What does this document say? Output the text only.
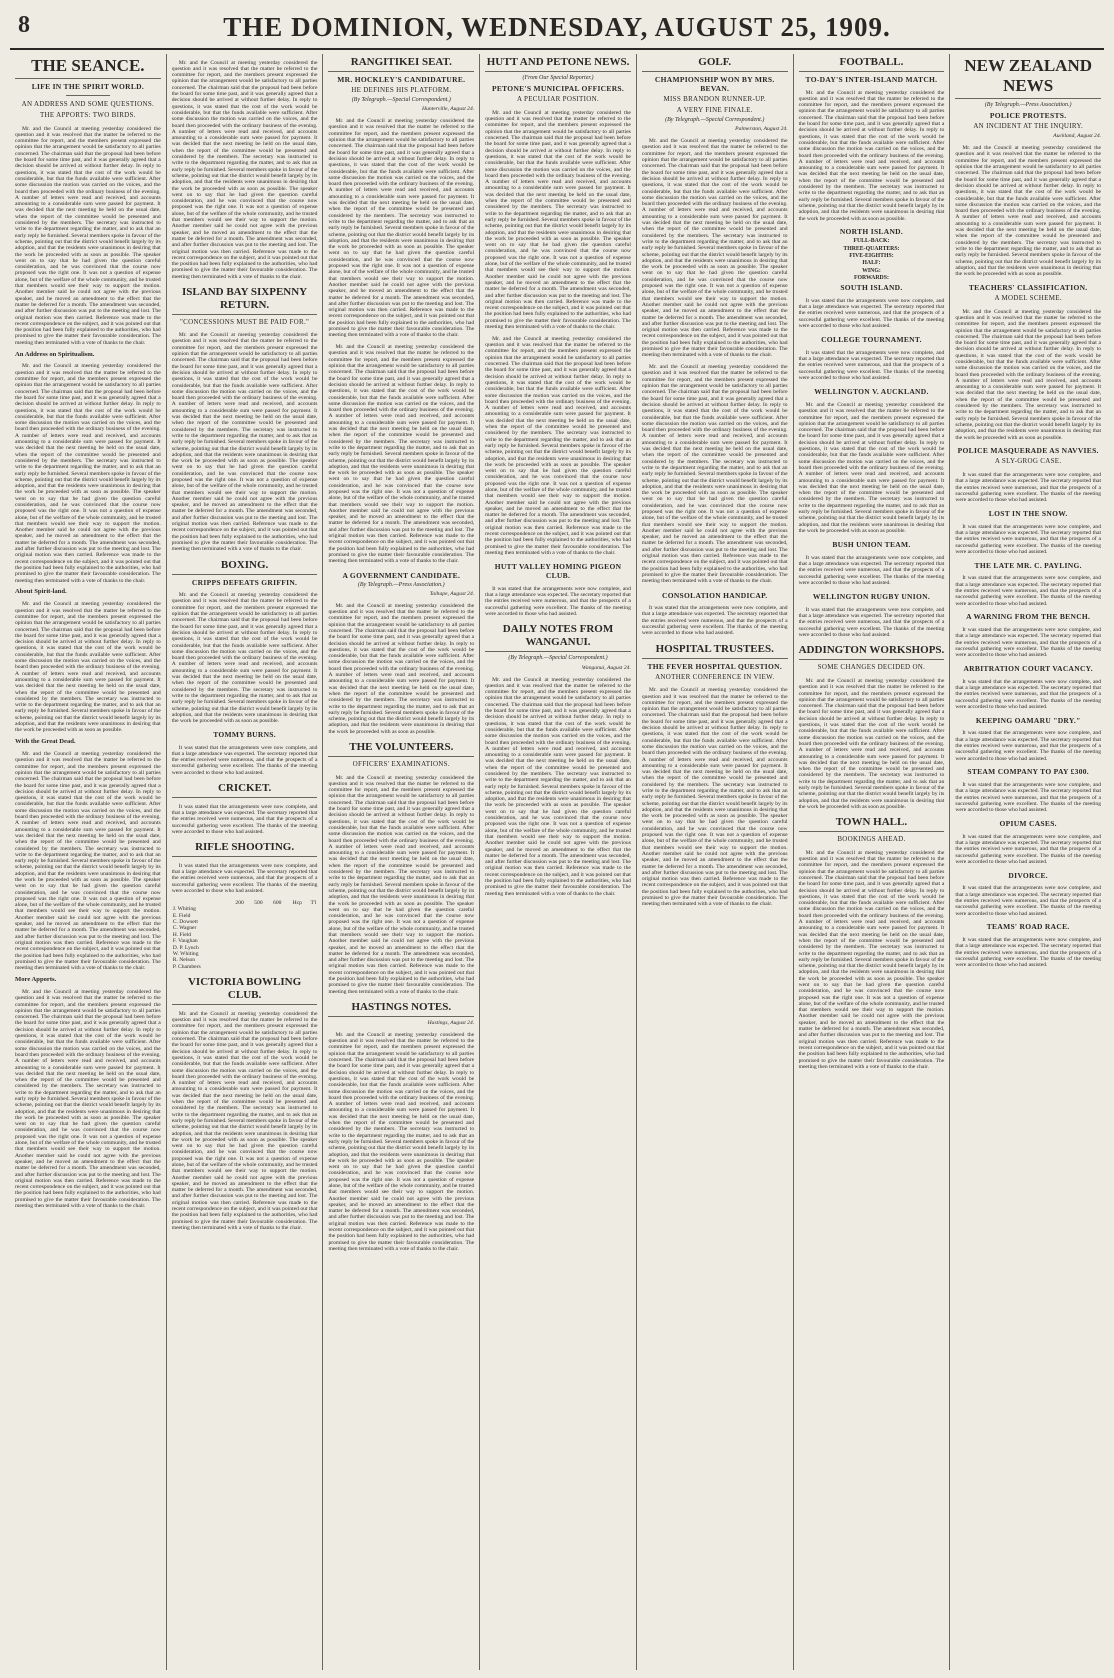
8	THE DOMINION, WEDNESDAY, AUGUST 25, 1909.
THE SEANCE.
LIFE IN THE SPIRIT WORLD.
AN ADDRESS AND SOME QUESTIONS.
THE APPORTS: TWO BIRDS.

Mr. and the Council at meeting yesterday considered the question and it was resolved that the matter be referred to the committee for report, and the members present expressed the opinion that the arrangement would be satisfactory to all parties concerned. The chairman said that the proposal had been before the board for some time past, and it was generally agreed that a decision should be arrived at without further delay. In reply to questions, it was stated that the cost of the work would be considerable, but that the funds available were sufficient. After some discussion the motion was carried on the voices, and the board then proceeded with the ordinary business of the evening. A number of letters were read and received, and accounts amounting to a considerable sum were passed for payment. It was decided that the next meeting be held on the usual date, when the report of the committee would be presented and considered by the members. The secretary was instructed to write to the department regarding the matter, and to ask that an early reply be furnished. Several members spoke in favour of the scheme, pointing out that the district would benefit largely by its adoption, and that the residents were unanimous in desiring that the work be proceeded with as soon as possible. The speaker went on to say that he had given the question careful consideration, and he was convinced that the course now proposed was the right one. It was not a question of expense alone, but of the welfare of the whole community, and he trusted that members would see their way to support the motion. Another member said he could not agree with the previous speaker, and he moved an amendment to the effect that the matter be deferred for a month. The amendment was seconded, and after further discussion was put to the meeting and lost. The original motion was then carried. Reference was made to the recent correspondence on the subject, and it was pointed out that the position had been fully explained to the authorities, who had promised to give the matter their favourable consideration. The meeting then terminated with a vote of thanks to the chair.

An Address on Spiritualism.

Mr. and the Council at meeting yesterday considered the question and it was resolved that the matter be referred to the committee for report, and the members present expressed the opinion that the arrangement would be satisfactory to all parties concerned. The chairman said that the proposal had been before the board for some time past, and it was generally agreed that a decision should be arrived at without further delay. In reply to questions, it was stated that the cost of the work would be considerable, but that the funds available were sufficient. After some discussion the motion was carried on the voices, and the board then proceeded with the ordinary business of the evening. A number of letters were read and received, and accounts amounting to a considerable sum were passed for payment. It was decided that the next meeting be held on the usual date, when the report of the committee would be presented and considered by the members. The secretary was instructed to write to the department regarding the matter, and to ask that an early reply be furnished. Several members spoke in favour of the scheme, pointing out that the district would benefit largely by its adoption, and that the residents were unanimous in desiring that the work be proceeded with as soon as possible. The speaker went on to say that he had given the question careful consideration, and he was convinced that the course now proposed was the right one. It was not a question of expense alone, but of the welfare of the whole community, and he trusted that members would see their way to support the motion. Another member said he could not agree with the previous speaker, and he moved an amendment to the effect that the matter be deferred for a month. The amendment was seconded, and after further discussion was put to the meeting and lost. The original motion was then carried. Reference was made to the recent correspondence on the subject, and it was pointed out that the position had been fully explained to the authorities, who had promised to give the matter their favourable consideration. The meeting then terminated with a vote of thanks to the chair.

About Spirit-land.

Mr. and the Council at meeting yesterday considered the question and it was resolved that the matter be referred to the committee for report, and the members present expressed the opinion that the arrangement would be satisfactory to all parties concerned. The chairman said that the proposal had been before the board for some time past, and it was generally agreed that a decision should be arrived at without further delay. In reply to questions, it was stated that the cost of the work would be considerable, but that the funds available were sufficient. After some discussion the motion was carried on the voices, and the board then proceeded with the ordinary business of the evening. A number of letters were read and received, and accounts amounting to a considerable sum were passed for payment. It was decided that the next meeting be held on the usual date, when the report of the committee would be presented and considered by the members. The secretary was instructed to write to the department regarding the matter, and to ask that an early reply be furnished. Several members spoke in favour of the scheme, pointing out that the district would benefit largely by its adoption, and that the residents were unanimous in desiring that the work be proceeded with as soon as possible.

With the Great Dead.

Mr. and the Council at meeting yesterday considered the question and it was resolved that the matter be referred to the committee for report, and the members present expressed the opinion that the arrangement would be satisfactory to all parties concerned. The chairman said that the proposal had been before the board for some time past, and it was generally agreed that a decision should be arrived at without further delay. In reply to questions, it was stated that the cost of the work would be considerable, but that the funds available were sufficient. After some discussion the motion was carried on the voices, and the board then proceeded with the ordinary business of the evening. A number of letters were read and received, and accounts amounting to a considerable sum were passed for payment. It was decided that the next meeting be held on the usual date, when the report of the committee would be presented and considered by the members. The secretary was instructed to write to the department regarding the matter, and to ask that an early reply be furnished. Several members spoke in favour of the scheme, pointing out that the district would benefit largely by its adoption, and that the residents were unanimous in desiring that the work be proceeded with as soon as possible. The speaker went on to say that he had given the question careful consideration, and he was convinced that the course now proposed was the right one. It was not a question of expense alone, but of the welfare of the whole community, and he trusted that members would see their way to support the motion. Another member said he could not agree with the previous speaker, and he moved an amendment to the effect that the matter be deferred for a month. The amendment was seconded, and after further discussion was put to the meeting and lost. The original motion was then carried. Reference was made to the recent correspondence on the subject, and it was pointed out that the position had been fully explained to the authorities, who had promised to give the matter their favourable consideration. The meeting then terminated with a vote of thanks to the chair.

More Apports.

Mr. and the Council at meeting yesterday considered the question and it was resolved that the matter be referred to the committee for report, and the members present expressed the opinion that the arrangement would be satisfactory to all parties concerned. The chairman said that the proposal had been before the board for some time past, and it was generally agreed that a decision should be arrived at without further delay. In reply to questions, it was stated that the cost of the work would be considerable, but that the funds available were sufficient. After some discussion the motion was carried on the voices, and the board then proceeded with the ordinary business of the evening. A number of letters were read and received, and accounts amounting to a considerable sum were passed for payment. It was decided that the next meeting be held on the usual date, when the report of the committee would be presented and considered by the members. The secretary was instructed to write to the department regarding the matter, and to ask that an early reply be furnished. Several members spoke in favour of the scheme, pointing out that the district would benefit largely by its adoption, and that the residents were unanimous in desiring that the work be proceeded with as soon as possible. The speaker went on to say that he had given the question careful consideration, and he was convinced that the course now proposed was the right one. It was not a question of expense alone, but of the welfare of the whole community, and he trusted that members would see their way to support the motion. Another member said he could not agree with the previous speaker, and he moved an amendment to the effect that the matter be deferred for a month. The amendment was seconded, and after further discussion was put to the meeting and lost. The original motion was then carried. Reference was made to the recent correspondence on the subject, and it was pointed out that the position had been fully explained to the authorities, who had promised to give the matter their favourable consideration. The meeting then terminated with a vote of thanks to the chair.

Mr. and the Council at meeting yesterday considered the question and it was resolved that the matter be referred to the committee for report, and the members present expressed the opinion that the arrangement would be satisfactory to all parties concerned. The chairman said that the proposal had been before the board for some time past, and it was generally agreed that a decision should be arrived at without further delay. In reply to questions, it was stated that the cost of the work would be considerable, but that the funds available were sufficient. After some discussion the motion was carried on the voices, and the board then proceeded with the ordinary business of the evening. A number of letters were read and received, and accounts amounting to a considerable sum were passed for payment. It was decided that the next meeting be held on the usual date, when the report of the committee would be presented and considered by the members. The secretary was instructed to write to the department regarding the matter, and to ask that an early reply be furnished. Several members spoke in favour of the scheme, pointing out that the district would benefit largely by its adoption, and that the residents were unanimous in desiring that the work be proceeded with as soon as possible. The speaker went on to say that he had given the question careful consideration, and he was convinced that the course now proposed was the right one. It was not a question of expense alone, but of the welfare of the whole community, and he trusted that members would see their way to support the motion. Another member said he could not agree with the previous speaker, and he moved an amendment to the effect that the matter be deferred for a month. The amendment was seconded, and after further discussion was put to the meeting and lost. The original motion was then carried. Reference was made to the recent correspondence on the subject, and it was pointed out that the position had been fully explained to the authorities, who had promised to give the matter their favourable consideration. The meeting then terminated with a vote of thanks to the chair.

ISLAND BAY SIXPENNY RETURN.
"CONCESSIONS MUST BE PAID FOR."

Mr. and the Council at meeting yesterday considered the question and it was resolved that the matter be referred to the committee for report, and the members present expressed the opinion that the arrangement would be satisfactory to all parties concerned. The chairman said that the proposal had been before the board for some time past, and it was generally agreed that a decision should be arrived at without further delay. In reply to questions, it was stated that the cost of the work would be considerable, but that the funds available were sufficient. After some discussion the motion was carried on the voices, and the board then proceeded with the ordinary business of the evening. A number of letters were read and received, and accounts amounting to a considerable sum were passed for payment. It was decided that the next meeting be held on the usual date, when the report of the committee would be presented and considered by the members. The secretary was instructed to write to the department regarding the matter, and to ask that an early reply be furnished. Several members spoke in favour of the scheme, pointing out that the district would benefit largely by its adoption, and that the residents were unanimous in desiring that the work be proceeded with as soon as possible. The speaker went on to say that he had given the question careful consideration, and he was convinced that the course now proposed was the right one. It was not a question of expense alone, but of the welfare of the whole community, and he trusted that members would see their way to support the motion. Another member said he could not agree with the previous speaker, and he moved an amendment to the effect that the matter be deferred for a month. The amendment was seconded, and after further discussion was put to the meeting and lost. The original motion was then carried. Reference was made to the recent correspondence on the subject, and it was pointed out that the position had been fully explained to the authorities, who had promised to give the matter their favourable consideration. The meeting then terminated with a vote of thanks to the chair.

BOXING.
CRIPPS DEFEATS GRIFFIN.

Mr. and the Council at meeting yesterday considered the question and it was resolved that the matter be referred to the committee for report, and the members present expressed the opinion that the arrangement would be satisfactory to all parties concerned. The chairman said that the proposal had been before the board for some time past, and it was generally agreed that a decision should be arrived at without further delay. In reply to questions, it was stated that the cost of the work would be considerable, but that the funds available were sufficient. After some discussion the motion was carried on the voices, and the board then proceeded with the ordinary business of the evening. A number of letters were read and received, and accounts amounting to a considerable sum were passed for payment. It was decided that the next meeting be held on the usual date, when the report of the committee would be presented and considered by the members. The secretary was instructed to write to the department regarding the matter, and to ask that an early reply be furnished. Several members spoke in favour of the scheme, pointing out that the district would benefit largely by its adoption, and that the residents were unanimous in desiring that the work be proceeded with as soon as possible.

TOMMY BURNS.

It was stated that the arrangements were now complete, and that a large attendance was expected. The secretary reported that the entries received were numerous, and that the prospects of a successful gathering were excellent. The thanks of the meeting were accorded to those who had assisted.

CRICKET.

It was stated that the arrangements were now complete, and that a large attendance was expected. The secretary reported that the entries received were numerous, and that the prospects of a successful gathering were excellent. The thanks of the meeting were accorded to those who had assisted.

RIFLE SHOOTING.

It was stated that the arrangements were now complete, and that a large attendance was expected. The secretary reported that the entries received were numerous, and that the prospects of a successful gathering were excellent. The thanks of the meeting were accorded to those who had assisted.

	200	500	600	Hcp	T'l
J. Whiting					
E. Field					
C. Dowsett					
C. Wagner					
H. Field					
F. Vaughan					
D. P. Lynch					
W. Whiting					
R. Nelson					
P. Chambers					
VICTORIA BOWLING CLUB.

Mr. and the Council at meeting yesterday considered the question and it was resolved that the matter be referred to the committee for report, and the members present expressed the opinion that the arrangement would be satisfactory to all parties concerned. The chairman said that the proposal had been before the board for some time past, and it was generally agreed that a decision should be arrived at without further delay. In reply to questions, it was stated that the cost of the work would be considerable, but that the funds available were sufficient. After some discussion the motion was carried on the voices, and the board then proceeded with the ordinary business of the evening. A number of letters were read and received, and accounts amounting to a considerable sum were passed for payment. It was decided that the next meeting be held on the usual date, when the report of the committee would be presented and considered by the members. The secretary was instructed to write to the department regarding the matter, and to ask that an early reply be furnished. Several members spoke in favour of the scheme, pointing out that the district would benefit largely by its adoption, and that the residents were unanimous in desiring that the work be proceeded with as soon as possible. The speaker went on to say that he had given the question careful consideration, and he was convinced that the course now proposed was the right one. It was not a question of expense alone, but of the welfare of the whole community, and he trusted that members would see their way to support the motion. Another member said he could not agree with the previous speaker, and he moved an amendment to the effect that the matter be deferred for a month. The amendment was seconded, and after further discussion was put to the meeting and lost. The original motion was then carried. Reference was made to the recent correspondence on the subject, and it was pointed out that the position had been fully explained to the authorities, who had promised to give the matter their favourable consideration. The meeting then terminated with a vote of thanks to the chair.

RANGITIKEI SEAT.
MR. HOCKLEY'S CANDIDATURE.
HE DEFINES HIS PLATFORM.
(By Telegraph.—Special Correspondent.)
Hunterville, August 24.

Mr. and the Council at meeting yesterday considered the question and it was resolved that the matter be referred to the committee for report, and the members present expressed the opinion that the arrangement would be satisfactory to all parties concerned. The chairman said that the proposal had been before the board for some time past, and it was generally agreed that a decision should be arrived at without further delay. In reply to questions, it was stated that the cost of the work would be considerable, but that the funds available were sufficient. After some discussion the motion was carried on the voices, and the board then proceeded with the ordinary business of the evening. A number of letters were read and received, and accounts amounting to a considerable sum were passed for payment. It was decided that the next meeting be held on the usual date, when the report of the committee would be presented and considered by the members. The secretary was instructed to write to the department regarding the matter, and to ask that an early reply be furnished. Several members spoke in favour of the scheme, pointing out that the district would benefit largely by its adoption, and that the residents were unanimous in desiring that the work be proceeded with as soon as possible. The speaker went on to say that he had given the question careful consideration, and he was convinced that the course now proposed was the right one. It was not a question of expense alone, but of the welfare of the whole community, and he trusted that members would see their way to support the motion. Another member said he could not agree with the previous speaker, and he moved an amendment to the effect that the matter be deferred for a month. The amendment was seconded, and after further discussion was put to the meeting and lost. The original motion was then carried. Reference was made to the recent correspondence on the subject, and it was pointed out that the position had been fully explained to the authorities, who had promised to give the matter their favourable consideration. The meeting then terminated with a vote of thanks to the chair.

Mr. and the Council at meeting yesterday considered the question and it was resolved that the matter be referred to the committee for report, and the members present expressed the opinion that the arrangement would be satisfactory to all parties concerned. The chairman said that the proposal had been before the board for some time past, and it was generally agreed that a decision should be arrived at without further delay. In reply to questions, it was stated that the cost of the work would be considerable, but that the funds available were sufficient. After some discussion the motion was carried on the voices, and the board then proceeded with the ordinary business of the evening. A number of letters were read and received, and accounts amounting to a considerable sum were passed for payment. It was decided that the next meeting be held on the usual date, when the report of the committee would be presented and considered by the members. The secretary was instructed to write to the department regarding the matter, and to ask that an early reply be furnished. Several members spoke in favour of the scheme, pointing out that the district would benefit largely by its adoption, and that the residents were unanimous in desiring that the work be proceeded with as soon as possible. The speaker went on to say that he had given the question careful consideration, and he was convinced that the course now proposed was the right one. It was not a question of expense alone, but of the welfare of the whole community, and he trusted that members would see their way to support the motion. Another member said he could not agree with the previous speaker, and he moved an amendment to the effect that the matter be deferred for a month. The amendment was seconded, and after further discussion was put to the meeting and lost. The original motion was then carried. Reference was made to the recent correspondence on the subject, and it was pointed out that the position had been fully explained to the authorities, who had promised to give the matter their favourable consideration. The meeting then terminated with a vote of thanks to the chair.

A GOVERNMENT CANDIDATE.
(By Telegraph.—Press Association.)
Taihape, August 24.

Mr. and the Council at meeting yesterday considered the question and it was resolved that the matter be referred to the committee for report, and the members present expressed the opinion that the arrangement would be satisfactory to all parties concerned. The chairman said that the proposal had been before the board for some time past, and it was generally agreed that a decision should be arrived at without further delay. In reply to questions, it was stated that the cost of the work would be considerable, but that the funds available were sufficient. After some discussion the motion was carried on the voices, and the board then proceeded with the ordinary business of the evening. A number of letters were read and received, and accounts amounting to a considerable sum were passed for payment. It was decided that the next meeting be held on the usual date, when the report of the committee would be presented and considered by the members. The secretary was instructed to write to the department regarding the matter, and to ask that an early reply be furnished. Several members spoke in favour of the scheme, pointing out that the district would benefit largely by its adoption, and that the residents were unanimous in desiring that the work be proceeded with as soon as possible.

THE VOLUNTEERS.
OFFICERS' EXAMINATIONS.

Mr. and the Council at meeting yesterday considered the question and it was resolved that the matter be referred to the committee for report, and the members present expressed the opinion that the arrangement would be satisfactory to all parties concerned. The chairman said that the proposal had been before the board for some time past, and it was generally agreed that a decision should be arrived at without further delay. In reply to questions, it was stated that the cost of the work would be considerable, but that the funds available were sufficient. After some discussion the motion was carried on the voices, and the board then proceeded with the ordinary business of the evening. A number of letters were read and received, and accounts amounting to a considerable sum were passed for payment. It was decided that the next meeting be held on the usual date, when the report of the committee would be presented and considered by the members. The secretary was instructed to write to the department regarding the matter, and to ask that an early reply be furnished. Several members spoke in favour of the scheme, pointing out that the district would benefit largely by its adoption, and that the residents were unanimous in desiring that the work be proceeded with as soon as possible. The speaker went on to say that he had given the question careful consideration, and he was convinced that the course now proposed was the right one. It was not a question of expense alone, but of the welfare of the whole community, and he trusted that members would see their way to support the motion. Another member said he could not agree with the previous speaker, and he moved an amendment to the effect that the matter be deferred for a month. The amendment was seconded, and after further discussion was put to the meeting and lost. The original motion was then carried. Reference was made to the recent correspondence on the subject, and it was pointed out that the position had been fully explained to the authorities, who had promised to give the matter their favourable consideration. The meeting then terminated with a vote of thanks to the chair.

HASTINGS NOTES.
Hastings, August 24.

Mr. and the Council at meeting yesterday considered the question and it was resolved that the matter be referred to the committee for report, and the members present expressed the opinion that the arrangement would be satisfactory to all parties concerned. The chairman said that the proposal had been before the board for some time past, and it was generally agreed that a decision should be arrived at without further delay. In reply to questions, it was stated that the cost of the work would be considerable, but that the funds available were sufficient. After some discussion the motion was carried on the voices, and the board then proceeded with the ordinary business of the evening. A number of letters were read and received, and accounts amounting to a considerable sum were passed for payment. It was decided that the next meeting be held on the usual date, when the report of the committee would be presented and considered by the members. The secretary was instructed to write to the department regarding the matter, and to ask that an early reply be furnished. Several members spoke in favour of the scheme, pointing out that the district would benefit largely by its adoption, and that the residents were unanimous in desiring that the work be proceeded with as soon as possible. The speaker went on to say that he had given the question careful consideration, and he was convinced that the course now proposed was the right one. It was not a question of expense alone, but of the welfare of the whole community, and he trusted that members would see their way to support the motion. Another member said he could not agree with the previous speaker, and he moved an amendment to the effect that the matter be deferred for a month. The amendment was seconded, and after further discussion was put to the meeting and lost. The original motion was then carried. Reference was made to the recent correspondence on the subject, and it was pointed out that the position had been fully explained to the authorities, who had promised to give the matter their favourable consideration. The meeting then terminated with a vote of thanks to the chair.

HUTT AND PETONE NEWS.
(From Our Special Reporter.)
PETONE'S MUNICIPAL OFFICERS.
A PECULIAR POSITION.

Mr. and the Council at meeting yesterday considered the question and it was resolved that the matter be referred to the committee for report, and the members present expressed the opinion that the arrangement would be satisfactory to all parties concerned. The chairman said that the proposal had been before the board for some time past, and it was generally agreed that a decision should be arrived at without further delay. In reply to questions, it was stated that the cost of the work would be considerable, but that the funds available were sufficient. After some discussion the motion was carried on the voices, and the board then proceeded with the ordinary business of the evening. A number of letters were read and received, and accounts amounting to a considerable sum were passed for payment. It was decided that the next meeting be held on the usual date, when the report of the committee would be presented and considered by the members. The secretary was instructed to write to the department regarding the matter, and to ask that an early reply be furnished. Several members spoke in favour of the scheme, pointing out that the district would benefit largely by its adoption, and that the residents were unanimous in desiring that the work be proceeded with as soon as possible. The speaker went on to say that he had given the question careful consideration, and he was convinced that the course now proposed was the right one. It was not a question of expense alone, but of the welfare of the whole community, and he trusted that members would see their way to support the motion. Another member said he could not agree with the previous speaker, and he moved an amendment to the effect that the matter be deferred for a month. The amendment was seconded, and after further discussion was put to the meeting and lost. The original motion was then carried. Reference was made to the recent correspondence on the subject, and it was pointed out that the position had been fully explained to the authorities, who had promised to give the matter their favourable consideration. The meeting then terminated with a vote of thanks to the chair.

Mr. and the Council at meeting yesterday considered the question and it was resolved that the matter be referred to the committee for report, and the members present expressed the opinion that the arrangement would be satisfactory to all parties concerned. The chairman said that the proposal had been before the board for some time past, and it was generally agreed that a decision should be arrived at without further delay. In reply to questions, it was stated that the cost of the work would be considerable, but that the funds available were sufficient. After some discussion the motion was carried on the voices, and the board then proceeded with the ordinary business of the evening. A number of letters were read and received, and accounts amounting to a considerable sum were passed for payment. It was decided that the next meeting be held on the usual date, when the report of the committee would be presented and considered by the members. The secretary was instructed to write to the department regarding the matter, and to ask that an early reply be furnished. Several members spoke in favour of the scheme, pointing out that the district would benefit largely by its adoption, and that the residents were unanimous in desiring that the work be proceeded with as soon as possible. The speaker went on to say that he had given the question careful consideration, and he was convinced that the course now proposed was the right one. It was not a question of expense alone, but of the welfare of the whole community, and he trusted that members would see their way to support the motion. Another member said he could not agree with the previous speaker, and he moved an amendment to the effect that the matter be deferred for a month. The amendment was seconded, and after further discussion was put to the meeting and lost. The original motion was then carried. Reference was made to the recent correspondence on the subject, and it was pointed out that the position had been fully explained to the authorities, who had promised to give the matter their favourable consideration. The meeting then terminated with a vote of thanks to the chair.

HUTT VALLEY HOMING PIGEON CLUB.

It was stated that the arrangements were now complete, and that a large attendance was expected. The secretary reported that the entries received were numerous, and that the prospects of a successful gathering were excellent. The thanks of the meeting were accorded to those who had assisted.

DAILY NOTES FROM WANGANUI.
(By Telegraph.—Special Correspondent.)
Wanganui, August 24.

Mr. and the Council at meeting yesterday considered the question and it was resolved that the matter be referred to the committee for report, and the members present expressed the opinion that the arrangement would be satisfactory to all parties concerned. The chairman said that the proposal had been before the board for some time past, and it was generally agreed that a decision should be arrived at without further delay. In reply to questions, it was stated that the cost of the work would be considerable, but that the funds available were sufficient. After some discussion the motion was carried on the voices, and the board then proceeded with the ordinary business of the evening. A number of letters were read and received, and accounts amounting to a considerable sum were passed for payment. It was decided that the next meeting be held on the usual date, when the report of the committee would be presented and considered by the members. The secretary was instructed to write to the department regarding the matter, and to ask that an early reply be furnished. Several members spoke in favour of the scheme, pointing out that the district would benefit largely by its adoption, and that the residents were unanimous in desiring that the work be proceeded with as soon as possible. The speaker went on to say that he had given the question careful consideration, and he was convinced that the course now proposed was the right one. It was not a question of expense alone, but of the welfare of the whole community, and he trusted that members would see their way to support the motion. Another member said he could not agree with the previous speaker, and he moved an amendment to the effect that the matter be deferred for a month. The amendment was seconded, and after further discussion was put to the meeting and lost. The original motion was then carried. Reference was made to the recent correspondence on the subject, and it was pointed out that the position had been fully explained to the authorities, who had promised to give the matter their favourable consideration. The meeting then terminated with a vote of thanks to the chair.

GOLF.
CHAMPIONSHIP WON BY MRS. BEVAN.
MISS BRANDON RUNNER-UP.
A VERY FINE FINALE.
(By Telegraph.—Special Correspondent.)
Palmerston, August 24.

Mr. and the Council at meeting yesterday considered the question and it was resolved that the matter be referred to the committee for report, and the members present expressed the opinion that the arrangement would be satisfactory to all parties concerned. The chairman said that the proposal had been before the board for some time past, and it was generally agreed that a decision should be arrived at without further delay. In reply to questions, it was stated that the cost of the work would be considerable, but that the funds available were sufficient. After some discussion the motion was carried on the voices, and the board then proceeded with the ordinary business of the evening. A number of letters were read and received, and accounts amounting to a considerable sum were passed for payment. It was decided that the next meeting be held on the usual date, when the report of the committee would be presented and considered by the members. The secretary was instructed to write to the department regarding the matter, and to ask that an early reply be furnished. Several members spoke in favour of the scheme, pointing out that the district would benefit largely by its adoption, and that the residents were unanimous in desiring that the work be proceeded with as soon as possible. The speaker went on to say that he had given the question careful consideration, and he was convinced that the course now proposed was the right one. It was not a question of expense alone, but of the welfare of the whole community, and he trusted that members would see their way to support the motion. Another member said he could not agree with the previous speaker, and he moved an amendment to the effect that the matter be deferred for a month. The amendment was seconded, and after further discussion was put to the meeting and lost. The original motion was then carried. Reference was made to the recent correspondence on the subject, and it was pointed out that the position had been fully explained to the authorities, who had promised to give the matter their favourable consideration. The meeting then terminated with a vote of thanks to the chair.

Mr. and the Council at meeting yesterday considered the question and it was resolved that the matter be referred to the committee for report, and the members present expressed the opinion that the arrangement would be satisfactory to all parties concerned. The chairman said that the proposal had been before the board for some time past, and it was generally agreed that a decision should be arrived at without further delay. In reply to questions, it was stated that the cost of the work would be considerable, but that the funds available were sufficient. After some discussion the motion was carried on the voices, and the board then proceeded with the ordinary business of the evening. A number of letters were read and received, and accounts amounting to a considerable sum were passed for payment. It was decided that the next meeting be held on the usual date, when the report of the committee would be presented and considered by the members. The secretary was instructed to write to the department regarding the matter, and to ask that an early reply be furnished. Several members spoke in favour of the scheme, pointing out that the district would benefit largely by its adoption, and that the residents were unanimous in desiring that the work be proceeded with as soon as possible. The speaker went on to say that he had given the question careful consideration, and he was convinced that the course now proposed was the right one. It was not a question of expense alone, but of the welfare of the whole community, and he trusted that members would see their way to support the motion. Another member said he could not agree with the previous speaker, and he moved an amendment to the effect that the matter be deferred for a month. The amendment was seconded, and after further discussion was put to the meeting and lost. The original motion was then carried. Reference was made to the recent correspondence on the subject, and it was pointed out that the position had been fully explained to the authorities, who had promised to give the matter their favourable consideration. The meeting then terminated with a vote of thanks to the chair.

CONSOLATION HANDICAP.

It was stated that the arrangements were now complete, and that a large attendance was expected. The secretary reported that the entries received were numerous, and that the prospects of a successful gathering were excellent. The thanks of the meeting were accorded to those who had assisted.

HOSPITAL TRUSTEES.
THE FEVER HOSPITAL QUESTION.
ANOTHER CONFERENCE IN VIEW.

Mr. and the Council at meeting yesterday considered the question and it was resolved that the matter be referred to the committee for report, and the members present expressed the opinion that the arrangement would be satisfactory to all parties concerned. The chairman said that the proposal had been before the board for some time past, and it was generally agreed that a decision should be arrived at without further delay. In reply to questions, it was stated that the cost of the work would be considerable, but that the funds available were sufficient. After some discussion the motion was carried on the voices, and the board then proceeded with the ordinary business of the evening. A number of letters were read and received, and accounts amounting to a considerable sum were passed for payment. It was decided that the next meeting be held on the usual date, when the report of the committee would be presented and considered by the members. The secretary was instructed to write to the department regarding the matter, and to ask that an early reply be furnished. Several members spoke in favour of the scheme, pointing out that the district would benefit largely by its adoption, and that the residents were unanimous in desiring that the work be proceeded with as soon as possible. The speaker went on to say that he had given the question careful consideration, and he was convinced that the course now proposed was the right one. It was not a question of expense alone, but of the welfare of the whole community, and he trusted that members would see their way to support the motion. Another member said he could not agree with the previous speaker, and he moved an amendment to the effect that the matter be deferred for a month. The amendment was seconded, and after further discussion was put to the meeting and lost. The original motion was then carried. Reference was made to the recent correspondence on the subject, and it was pointed out that the position had been fully explained to the authorities, who had promised to give the matter their favourable consideration. The meeting then terminated with a vote of thanks to the chair.

FOOTBALL.
TO-DAY'S INTER-ISLAND MATCH.

Mr. and the Council at meeting yesterday considered the question and it was resolved that the matter be referred to the committee for report, and the members present expressed the opinion that the arrangement would be satisfactory to all parties concerned. The chairman said that the proposal had been before the board for some time past, and it was generally agreed that a decision should be arrived at without further delay. In reply to questions, it was stated that the cost of the work would be considerable, but that the funds available were sufficient. After some discussion the motion was carried on the voices, and the board then proceeded with the ordinary business of the evening. A number of letters were read and received, and accounts amounting to a considerable sum were passed for payment. It was decided that the next meeting be held on the usual date, when the report of the committee would be presented and considered by the members. The secretary was instructed to write to the department regarding the matter, and to ask that an early reply be furnished. Several members spoke in favour of the scheme, pointing out that the district would benefit largely by its adoption, and that the residents were unanimous in desiring that the work be proceeded with as soon as possible.

NORTH ISLAND.
FULL-BACK:
THREE-QUARTERS:
FIVE-EIGHTHS:
HALF:
WING:
FORWARDS:
SOUTH ISLAND.

It was stated that the arrangements were now complete, and that a large attendance was expected. The secretary reported that the entries received were numerous, and that the prospects of a successful gathering were excellent. The thanks of the meeting were accorded to those who had assisted.

COLLEGE TOURNAMENT.

It was stated that the arrangements were now complete, and that a large attendance was expected. The secretary reported that the entries received were numerous, and that the prospects of a successful gathering were excellent. The thanks of the meeting were accorded to those who had assisted.

WELLINGTON V. AUCKLAND.

Mr. and the Council at meeting yesterday considered the question and it was resolved that the matter be referred to the committee for report, and the members present expressed the opinion that the arrangement would be satisfactory to all parties concerned. The chairman said that the proposal had been before the board for some time past, and it was generally agreed that a decision should be arrived at without further delay. In reply to questions, it was stated that the cost of the work would be considerable, but that the funds available were sufficient. After some discussion the motion was carried on the voices, and the board then proceeded with the ordinary business of the evening. A number of letters were read and received, and accounts amounting to a considerable sum were passed for payment. It was decided that the next meeting be held on the usual date, when the report of the committee would be presented and considered by the members. The secretary was instructed to write to the department regarding the matter, and to ask that an early reply be furnished. Several members spoke in favour of the scheme, pointing out that the district would benefit largely by its adoption, and that the residents were unanimous in desiring that the work be proceeded with as soon as possible.

BUSH UNION TEAM.

It was stated that the arrangements were now complete, and that a large attendance was expected. The secretary reported that the entries received were numerous, and that the prospects of a successful gathering were excellent. The thanks of the meeting were accorded to those who had assisted.

WELLINGTON RUGBY UNION.

It was stated that the arrangements were now complete, and that a large attendance was expected. The secretary reported that the entries received were numerous, and that the prospects of a successful gathering were excellent. The thanks of the meeting were accorded to those who had assisted.

ADDINGTON WORKSHOPS.
SOME CHANGES DECIDED ON.

Mr. and the Council at meeting yesterday considered the question and it was resolved that the matter be referred to the committee for report, and the members present expressed the opinion that the arrangement would be satisfactory to all parties concerned. The chairman said that the proposal had been before the board for some time past, and it was generally agreed that a decision should be arrived at without further delay. In reply to questions, it was stated that the cost of the work would be considerable, but that the funds available were sufficient. After some discussion the motion was carried on the voices, and the board then proceeded with the ordinary business of the evening. A number of letters were read and received, and accounts amounting to a considerable sum were passed for payment. It was decided that the next meeting be held on the usual date, when the report of the committee would be presented and considered by the members. The secretary was instructed to write to the department regarding the matter, and to ask that an early reply be furnished. Several members spoke in favour of the scheme, pointing out that the district would benefit largely by its adoption, and that the residents were unanimous in desiring that the work be proceeded with as soon as possible.

TOWN HALL.
BOOKINGS AHEAD.

Mr. and the Council at meeting yesterday considered the question and it was resolved that the matter be referred to the committee for report, and the members present expressed the opinion that the arrangement would be satisfactory to all parties concerned. The chairman said that the proposal had been before the board for some time past, and it was generally agreed that a decision should be arrived at without further delay. In reply to questions, it was stated that the cost of the work would be considerable, but that the funds available were sufficient. After some discussion the motion was carried on the voices, and the board then proceeded with the ordinary business of the evening. A number of letters were read and received, and accounts amounting to a considerable sum were passed for payment. It was decided that the next meeting be held on the usual date, when the report of the committee would be presented and considered by the members. The secretary was instructed to write to the department regarding the matter, and to ask that an early reply be furnished. Several members spoke in favour of the scheme, pointing out that the district would benefit largely by its adoption, and that the residents were unanimous in desiring that the work be proceeded with as soon as possible. The speaker went on to say that he had given the question careful consideration, and he was convinced that the course now proposed was the right one. It was not a question of expense alone, but of the welfare of the whole community, and he trusted that members would see their way to support the motion. Another member said he could not agree with the previous speaker, and he moved an amendment to the effect that the matter be deferred for a month. The amendment was seconded, and after further discussion was put to the meeting and lost. The original motion was then carried. Reference was made to the recent correspondence on the subject, and it was pointed out that the position had been fully explained to the authorities, who had promised to give the matter their favourable consideration. The meeting then terminated with a vote of thanks to the chair.

NEW ZEALAND NEWS
(By Telegraph.—Press Association.)
POLICE PROTESTS.
AN INCIDENT AT THE INQUIRY.
Auckland, August 24.

Mr. and the Council at meeting yesterday considered the question and it was resolved that the matter be referred to the committee for report, and the members present expressed the opinion that the arrangement would be satisfactory to all parties concerned. The chairman said that the proposal had been before the board for some time past, and it was generally agreed that a decision should be arrived at without further delay. In reply to questions, it was stated that the cost of the work would be considerable, but that the funds available were sufficient. After some discussion the motion was carried on the voices, and the board then proceeded with the ordinary business of the evening. A number of letters were read and received, and accounts amounting to a considerable sum were passed for payment. It was decided that the next meeting be held on the usual date, when the report of the committee would be presented and considered by the members. The secretary was instructed to write to the department regarding the matter, and to ask that an early reply be furnished. Several members spoke in favour of the scheme, pointing out that the district would benefit largely by its adoption, and that the residents were unanimous in desiring that the work be proceeded with as soon as possible.

TEACHERS' CLASSIFICATION.
A MODEL SCHEME.

Mr. and the Council at meeting yesterday considered the question and it was resolved that the matter be referred to the committee for report, and the members present expressed the opinion that the arrangement would be satisfactory to all parties concerned. The chairman said that the proposal had been before the board for some time past, and it was generally agreed that a decision should be arrived at without further delay. In reply to questions, it was stated that the cost of the work would be considerable, but that the funds available were sufficient. After some discussion the motion was carried on the voices, and the board then proceeded with the ordinary business of the evening. A number of letters were read and received, and accounts amounting to a considerable sum were passed for payment. It was decided that the next meeting be held on the usual date, when the report of the committee would be presented and considered by the members. The secretary was instructed to write to the department regarding the matter, and to ask that an early reply be furnished. Several members spoke in favour of the scheme, pointing out that the district would benefit largely by its adoption, and that the residents were unanimous in desiring that the work be proceeded with as soon as possible.

POLICE MASQUERADE AS NAVVIES.
A SLY-GROG CASE.

It was stated that the arrangements were now complete, and that a large attendance was expected. The secretary reported that the entries received were numerous, and that the prospects of a successful gathering were excellent. The thanks of the meeting were accorded to those who had assisted.

LOST IN THE SNOW.

It was stated that the arrangements were now complete, and that a large attendance was expected. The secretary reported that the entries received were numerous, and that the prospects of a successful gathering were excellent. The thanks of the meeting were accorded to those who had assisted.

THE LATE MR. C. PAYLING.

It was stated that the arrangements were now complete, and that a large attendance was expected. The secretary reported that the entries received were numerous, and that the prospects of a successful gathering were excellent. The thanks of the meeting were accorded to those who had assisted.

A WARNING FROM THE BENCH.

It was stated that the arrangements were now complete, and that a large attendance was expected. The secretary reported that the entries received were numerous, and that the prospects of a successful gathering were excellent. The thanks of the meeting were accorded to those who had assisted.

ARBITRATION COURT VACANCY.

It was stated that the arrangements were now complete, and that a large attendance was expected. The secretary reported that the entries received were numerous, and that the prospects of a successful gathering were excellent. The thanks of the meeting were accorded to those who had assisted.

KEEPING OAMARU "DRY."

It was stated that the arrangements were now complete, and that a large attendance was expected. The secretary reported that the entries received were numerous, and that the prospects of a successful gathering were excellent. The thanks of the meeting were accorded to those who had assisted.

STEAM COMPANY TO PAY £300.

It was stated that the arrangements were now complete, and that a large attendance was expected. The secretary reported that the entries received were numerous, and that the prospects of a successful gathering were excellent. The thanks of the meeting were accorded to those who had assisted.

OPIUM CASES.

It was stated that the arrangements were now complete, and that a large attendance was expected. The secretary reported that the entries received were numerous, and that the prospects of a successful gathering were excellent. The thanks of the meeting were accorded to those who had assisted.

DIVORCE.

It was stated that the arrangements were now complete, and that a large attendance was expected. The secretary reported that the entries received were numerous, and that the prospects of a successful gathering were excellent. The thanks of the meeting were accorded to those who had assisted.

TEAMS' ROAD RACE.

It was stated that the arrangements were now complete, and that a large attendance was expected. The secretary reported that the entries received were numerous, and that the prospects of a successful gathering were excellent. The thanks of the meeting were accorded to those who had assisted.
